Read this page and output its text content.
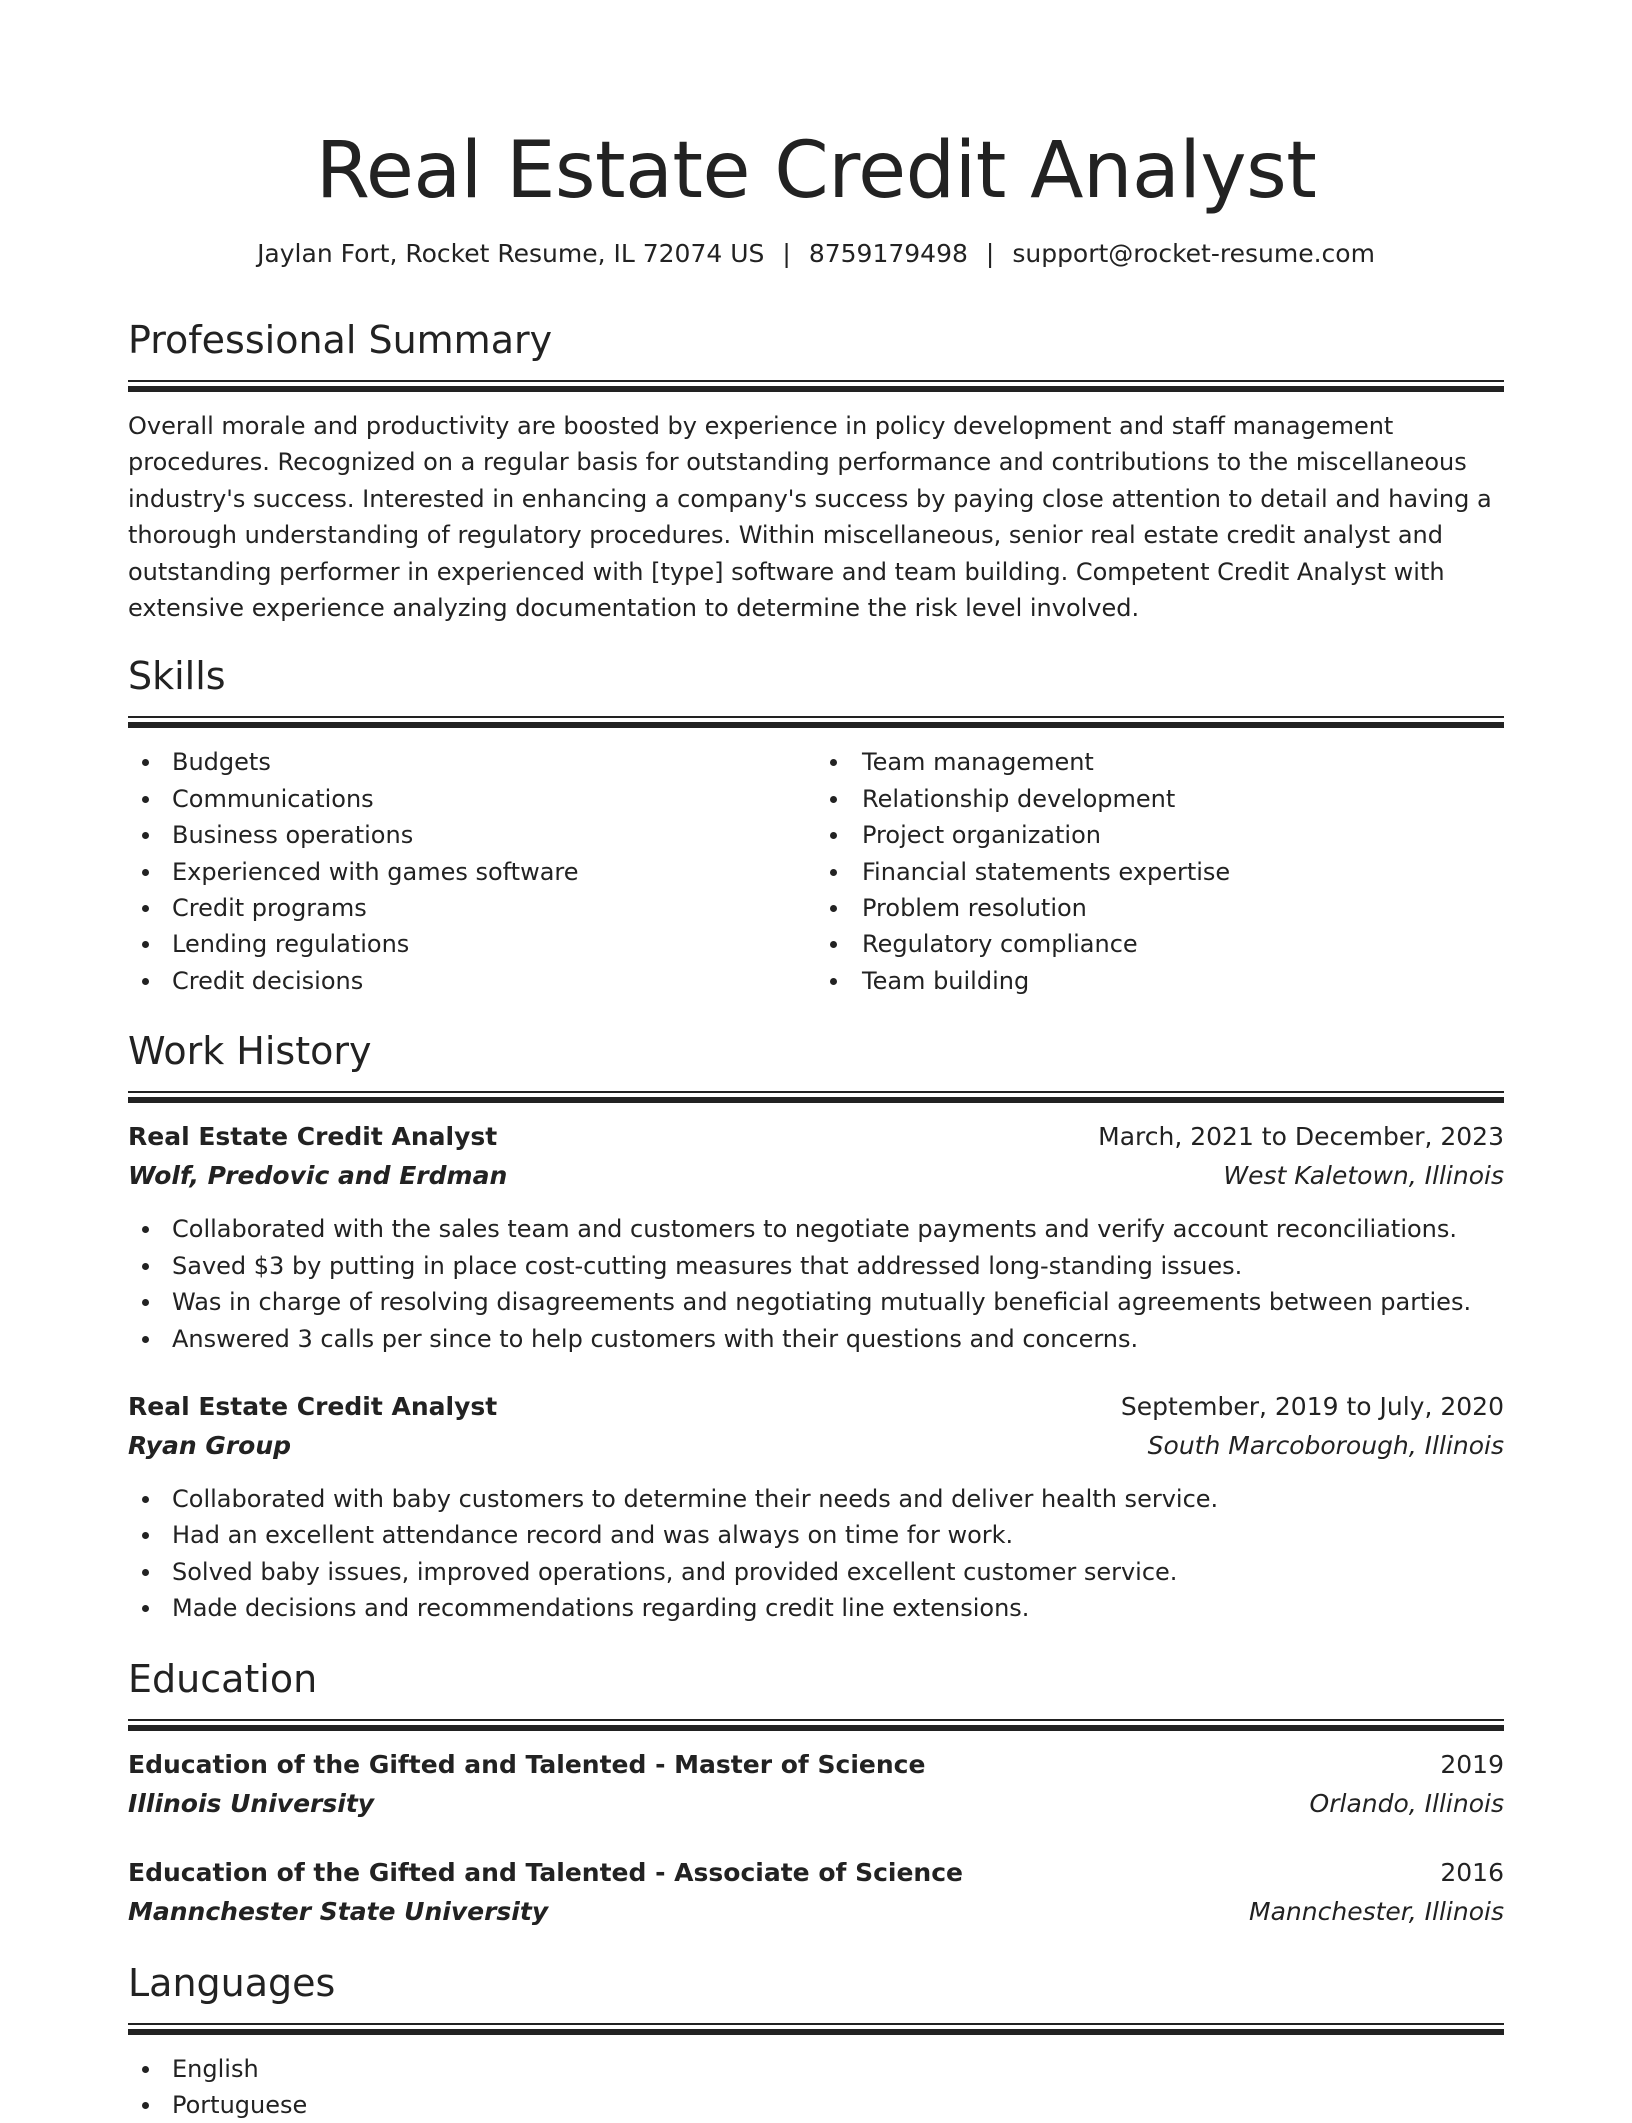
Real Estate Credit Analyst
Jaylan Fort, Rocket Resume, IL 72074 US | 8759179498 | support@rocket-resume.com
Professional Summary

Overall morale and productivity are boosted by experience in policy development and staff management procedures. Recognized on a regular basis for outstanding performance and contributions to the miscellaneous industry's success. Interested in enhancing a company's success by paying close attention to detail and having a thorough understanding of regulatory procedures. Within miscellaneous, senior real estate credit analyst and outstanding performer in experienced with [type] software and team building. Competent Credit Analyst with extensive experience analyzing documentation to determine the risk level involved.

Skills
Budgets
Communications
Business operations
Experienced with games software
Credit programs
Lending regulations
Credit decisions
Team management
Relationship development
Project organization
Financial statements expertise
Problem resolution
Regulatory compliance
Team building
Work History
Real Estate Credit Analyst	March, 2021 to December, 2023
Wolf, Predovic and Erdman	West Kaletown, Illinois
Collaborated with the sales team and customers to negotiate payments and verify account reconciliations.
Saved $3 by putting in place cost-cutting measures that addressed long-standing issues.
Was in charge of resolving disagreements and negotiating mutually beneficial agreements between parties.
Answered 3 calls per since to help customers with their questions and concerns.
Real Estate Credit Analyst	September, 2019 to July, 2020
Ryan Group	South Marcoborough, Illinois
Collaborated with baby customers to determine their needs and deliver health service.
Had an excellent attendance record and was always on time for work.
Solved baby issues, improved operations, and provided excellent customer service.
Made decisions and recommendations regarding credit line extensions.
Education
Education of the Gifted and Talented - Master of Science	2019
Illinois University	Orlando, Illinois
Education of the Gifted and Talented - Associate of Science	2016
Mannchester State University	Mannchester, Illinois
Languages
English
Portuguese
